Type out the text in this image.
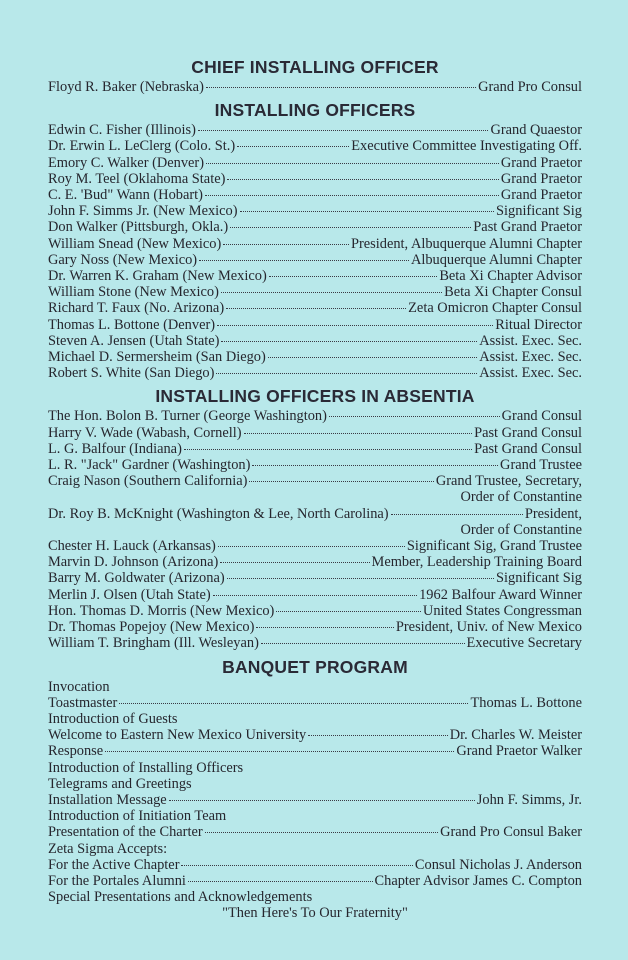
CHIEF INSTALLING OFFICER
Floyd R. Baker (Nebraska)	Grand Pro Consul
INSTALLING OFFICERS
Edwin C. Fisher (Illinois)	Grand Quaestor
Dr. Erwin L. LeClerg (Colo. St.)	Executive Committee Investigating Off.
Emory C. Walker (Denver)	Grand Praetor
Roy M. Teel (Oklahoma State)	Grand Praetor
C. E. 'Bud" Wann (Hobart)	Grand Praetor
John F. Simms Jr. (New Mexico)	Significant Sig
Don Walker (Pittsburgh, Okla.)	Past Grand Praetor
William Snead (New Mexico)	President, Albuquerque Alumni Chapter
Gary Noss (New Mexico)	Albuquerque Alumni Chapter
Dr. Warren K. Graham (New Mexico)	Beta Xi Chapter Advisor
William Stone (New Mexico)	Beta Xi Chapter Consul
Richard T. Faux (No. Arizona)	Zeta Omicron Chapter Consul
Thomas L. Bottone (Denver)	Ritual Director
Steven A. Jensen (Utah State)	Assist. Exec. Sec.
Michael D. Sermersheim (San Diego)	Assist. Exec. Sec.
Robert S. White (San Diego)	Assist. Exec. Sec.
INSTALLING OFFICERS IN ABSENTIA
The Hon. Bolon B. Turner (George Washington)	Grand Consul
Harry V. Wade (Wabash, Cornell)	Past Grand Consul
L. G. Balfour (Indiana)	Past Grand Consul
L. R. "Jack" Gardner (Washington)	Grand Trustee
Craig Nason (Southern California)	Grand Trustee, Secretary,
Order of Constantine
Dr. Roy B. McKnight (Washington & Lee, North Carolina)	President,
Order of Constantine
Chester H. Lauck (Arkansas)	Significant Sig, Grand Trustee
Marvin D. Johnson (Arizona)	Member, Leadership Training Board
Barry M. Goldwater (Arizona)	Significant Sig
Merlin J. Olsen (Utah State)	1962 Balfour Award Winner
Hon. Thomas D. Morris (New Mexico)	United States Congressman
Dr. Thomas Popejoy (New Mexico)	President, Univ. of New Mexico
William T. Bringham (Ill. Wesleyan)	Executive Secretary
BANQUET PROGRAM
Invocation
Toastmaster	Thomas L. Bottone
Introduction of Guests
Welcome to Eastern New Mexico University	Dr. Charles W. Meister
Response	Grand Praetor Walker
Introduction of Installing Officers
Telegrams and Greetings
Installation Message	John F. Simms, Jr.
Introduction of Initiation Team
Presentation of the Charter	Grand Pro Consul Baker
Zeta Sigma Accepts:
For the Active Chapter	Consul Nicholas J. Anderson
For the Portales Alumni	Chapter Advisor James C. Compton
Special Presentations and Acknowledgements
"Then Here's To Our Fraternity"
